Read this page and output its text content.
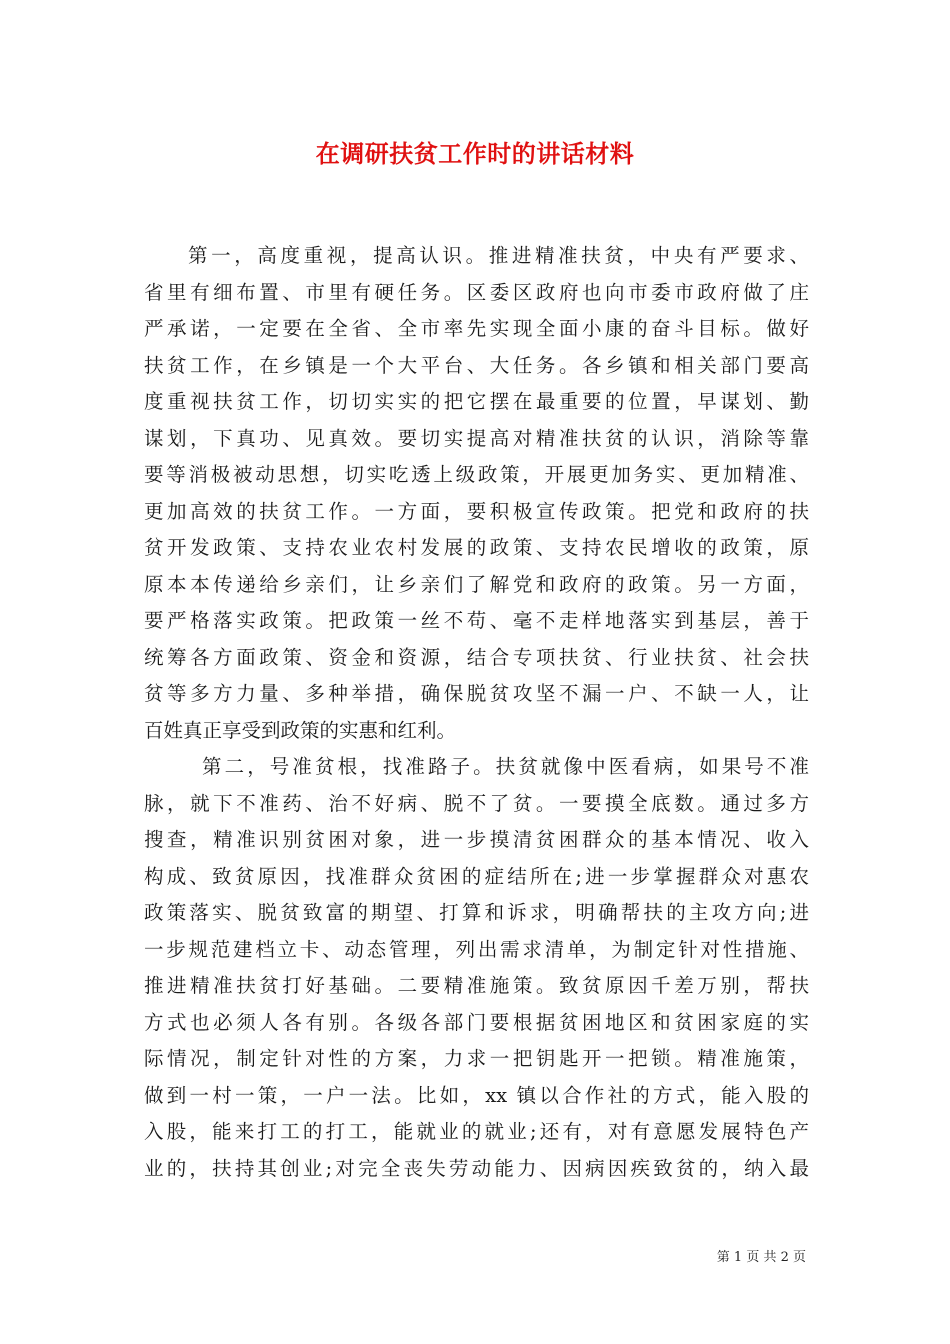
在调研扶贫工作时的讲话材料
第一，高度重视，提高认识。推进精准扶贫，中央有严要求、
省里有细布置、市里有硬任务。区委区政府也向市委市政府做了庄
严承诺，一定要在全省、全市率先实现全面小康的奋斗目标。做好
扶贫工作，在乡镇是一个大平台、大任务。各乡镇和相关部门要高
度重视扶贫工作，切切实实的把它摆在最重要的位置，早谋划、勤
谋划，下真功、见真效。要切实提高对精准扶贫的认识，消除等靠
要等消极被动思想，切实吃透上级政策，开展更加务实、更加精准、
更加高效的扶贫工作。一方面，要积极宣传政策。把党和政府的扶
贫开发政策、支持农业农村发展的政策、支持农民增收的政策，原
原本本传递给乡亲们，让乡亲们了解党和政府的政策。另一方面，
要严格落实政策。把政策一丝不苟、毫不走样地落实到基层，善于
统筹各方面政策、资金和资源，结合专项扶贫、行业扶贫、社会扶
贫等多方力量、多种举措，确保脱贫攻坚不漏一户、不缺一人，让
百姓真正享受到政策的实惠和红利。
第二，号准贫根，找准路子。扶贫就像中医看病，如果号不准
脉，就下不准药、治不好病、脱不了贫。一要摸全底数。通过多方
搜查，精准识别贫困对象，进一步摸清贫困群众的基本情况、收入
构成、致贫原因，找准群众贫困的症结所在;进一步掌握群众对惠农
政策落实、脱贫致富的期望、打算和诉求，明确帮扶的主攻方向;进
一步规范建档立卡、动态管理，列出需求清单，为制定针对性措施、
推进精准扶贫打好基础。二要精准施策。致贫原因千差万别，帮扶
方式也必须人各有别。各级各部门要根据贫困地区和贫困家庭的实
际情况，制定针对性的方案，力求一把钥匙开一把锁。精准施策，
做到一村一策，一户一法。比如，xx 镇以合作社的方式，能入股的
入股，能来打工的打工，能就业的就业;还有，对有意愿发展特色产
业的，扶持其创业;对完全丧失劳动能力、因病因疾致贫的，纳入最
第 1 页 共 2 页
